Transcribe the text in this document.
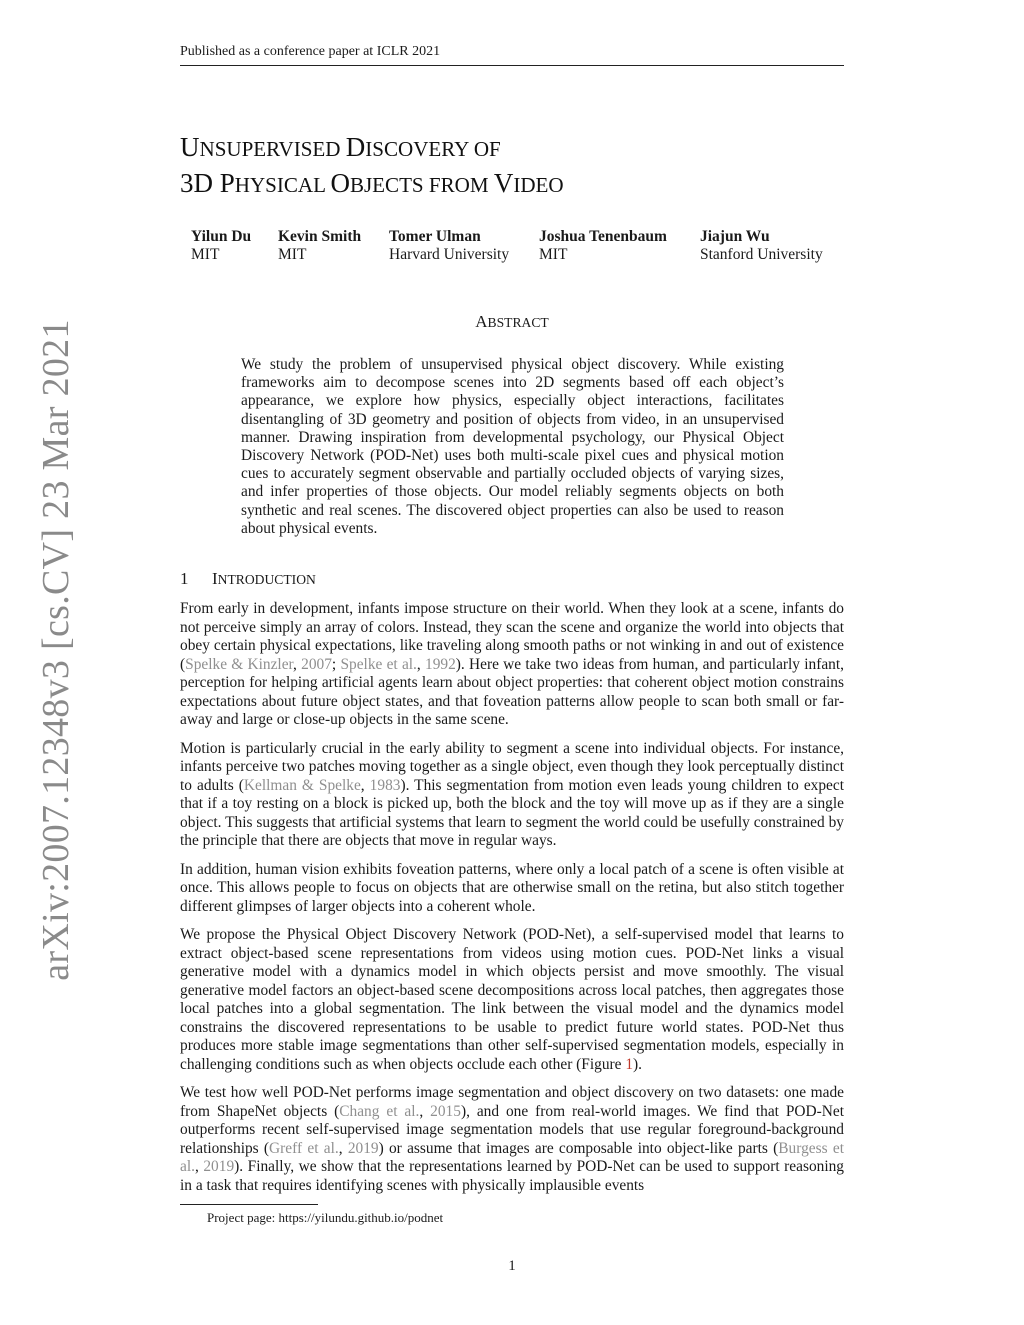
Published as a conference paper at ICLR 2021
arXiv:2007.12348v3 [cs.CV] 23 Mar 2021
UNSUPERVISED DISCOVERY OF
3D PHYSICAL OBJECTS FROM VIDEO
Yilun Du
MIT
Kevin Smith
MIT
Tomer Ulman
Harvard University
Joshua Tenenbaum
MIT
Jiajun Wu
Stanford University
ABSTRACT
We study the problem of unsupervised physical object discovery. While existing frameworks aim to decompose scenes into 2D segments based off each object’s appearance, we explore how physics, especially object interactions, facilitates disentangling of 3D geometry and position of objects from video, in an unsupervised manner. Drawing inspiration from developmental psychology, our Physical Object Discovery Network (POD-Net) uses both multi-scale pixel cues and physical motion cues to accurately segment observable and partially occluded objects of varying sizes, and infer properties of those objects. Our model reliably segments objects on both synthetic and real scenes. The discovered object properties can also be used to reason about physical events.
1 INTRODUCTION

From early in development, infants impose structure on their world. When they look at a scene, infants do not perceive simply an array of colors. Instead, they scan the scene and organize the world into objects that obey certain physical expectations, like traveling along smooth paths or not winking in and out of existence (Spelke & Kinzler, 2007; Spelke et al., 1992). Here we take two ideas from human, and particularly infant, perception for helping artificial agents learn about object properties: that coherent object motion constrains expectations about future object states, and that foveation patterns allow people to scan both small or far-away and large or close-up objects in the same scene.

Motion is particularly crucial in the early ability to segment a scene into individual objects. For instance, infants perceive two patches moving together as a single object, even though they look perceptually distinct to adults (Kellman & Spelke, 1983). This segmentation from motion even leads young children to expect that if a toy resting on a block is picked up, both the block and the toy will move up as if they are a single object. This suggests that artificial systems that learn to segment the world could be usefully constrained by the principle that there are objects that move in regular ways.

In addition, human vision exhibits foveation patterns, where only a local patch of a scene is often visible at once. This allows people to focus on objects that are otherwise small on the retina, but also stitch together different glimpses of larger objects into a coherent whole.

We propose the Physical Object Discovery Network (POD-Net), a self-supervised model that learns to extract object-based scene representations from videos using motion cues. POD-Net links a visual generative model with a dynamics model in which objects persist and move smoothly. The visual generative model factors an object-based scene decompositions across local patches, then aggregates those local patches into a global segmentation. The link between the visual model and the dynamics model constrains the discovered representations to be usable to predict future world states. POD-Net thus produces more stable image segmentations than other self-supervised segmentation models, especially in challenging conditions such as when objects occlude each other (Figure 1).

We test how well POD-Net performs image segmentation and object discovery on two datasets: one made from ShapeNet objects (Chang et al., 2015), and one from real-world images. We find that POD-Net outperforms recent self-supervised image segmentation models that use regular foreground-background relationships (Greff et al., 2019) or assume that images are composable into object-like parts (Burgess et al., 2019). Finally, we show that the representations learned by POD-Net can be used to support reasoning in a task that requires identifying scenes with physically implausible events

Project page: https://yilundu.github.io/podnet
1
